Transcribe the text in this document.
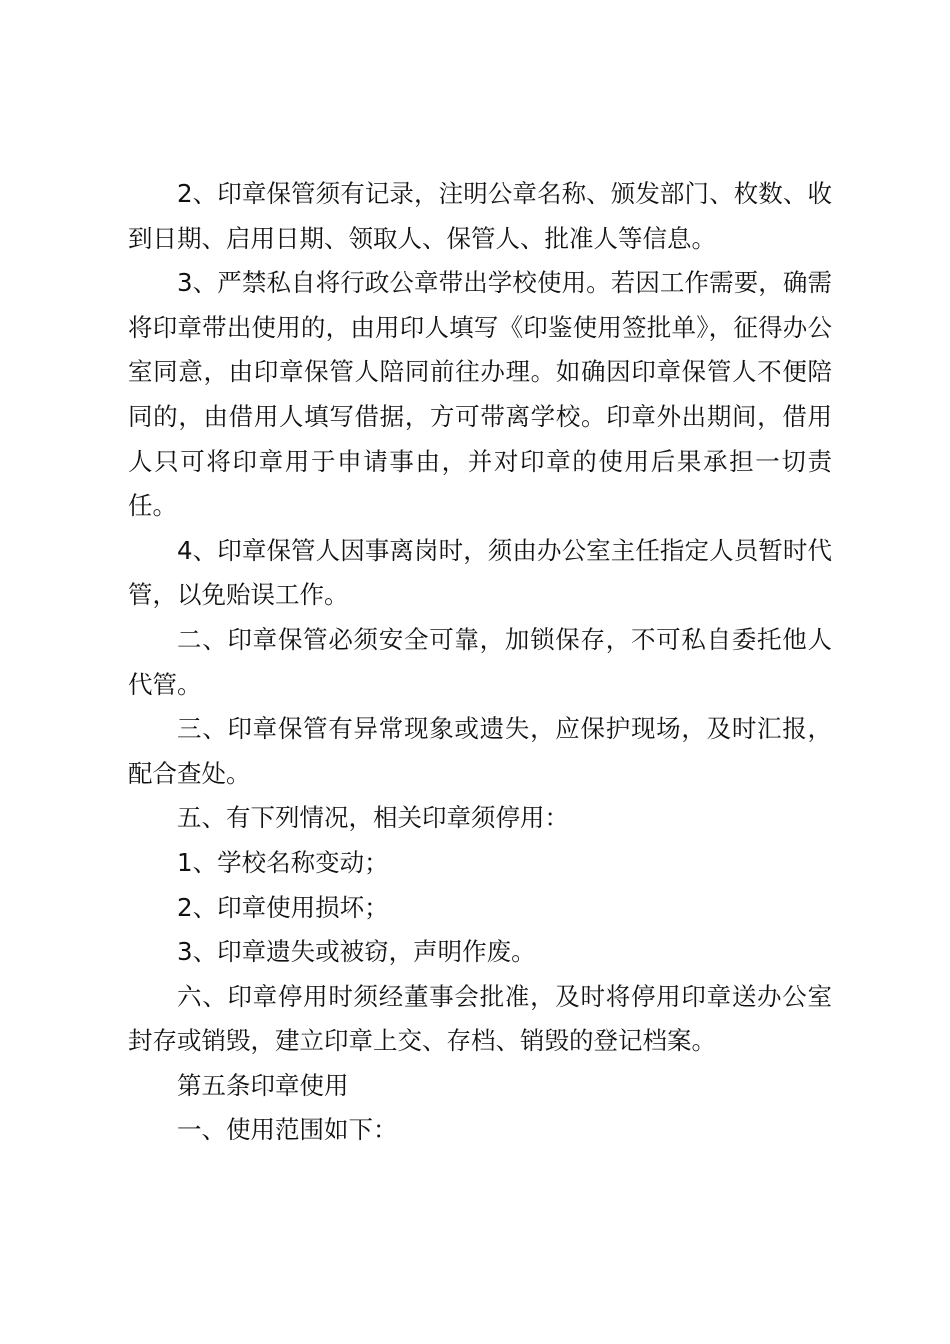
2、印章保管须有记录，注明公章名称、颁发部门、枚数、收到日期、启用日期、领取人、保管人、批准人等信息。

3、严禁私自将行政公章带出学校使用。若因工作需要，确需将印章带出使用的，由用印人填写《印鉴使用签批单》，征得办公室同意，由印章保管人陪同前往办理。如确因印章保管人不便陪同的，由借用人填写借据，方可带离学校。印章外出期间，借用人只可将印章用于申请事由，并对印章的使用后果承担一切责任。

4、印章保管人因事离岗时，须由办公室主任指定人员暂时代管，以免贻误工作。

二、印章保管必须安全可靠，加锁保存，不可私自委托他人代管。

三、印章保管有异常现象或遗失，应保护现场，及时汇报，配合查处。

五、有下列情况，相关印章须停用：

1、学校名称变动；

2、印章使用损坏；

3、印章遗失或被窃，声明作废。

六、印章停用时须经董事会批准，及时将停用印章送办公室封存或销毁，建立印章上交、存档、销毁的登记档案。

第五条印章使用

一、使用范围如下：
